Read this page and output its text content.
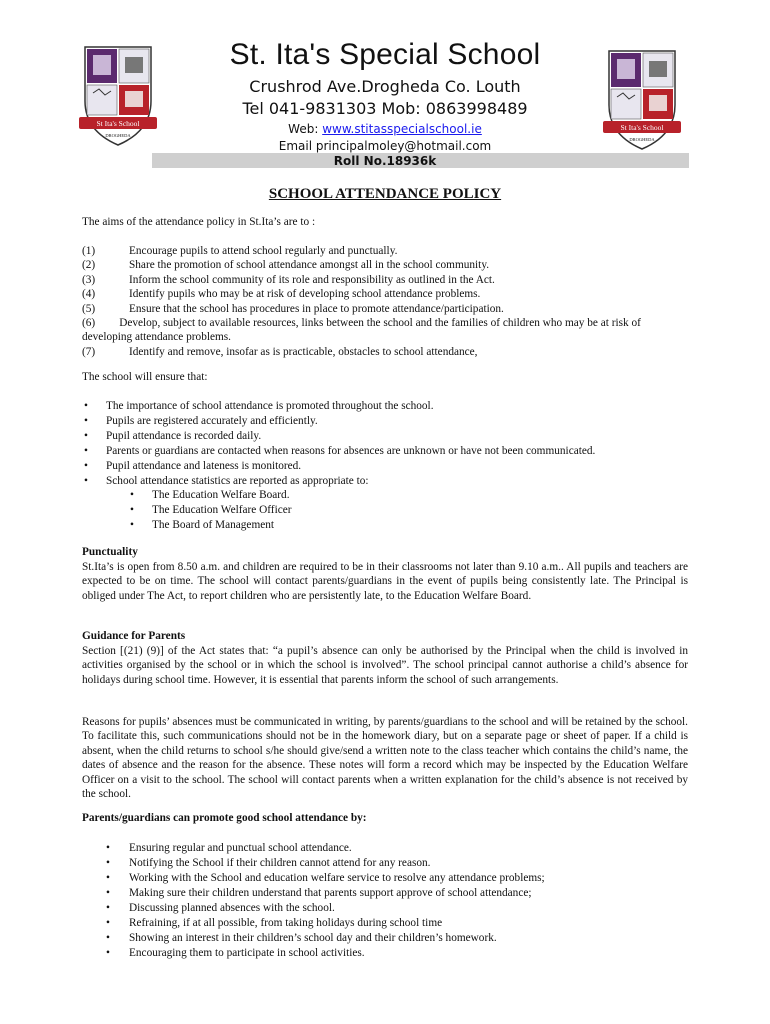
St Ita's School
DROGHEDA
St Ita's School
DROGHEDA
St. Ita's Special School
Crushrod Ave.Drogheda Co. Louth
Tel 041-9831303 Mob: 0863998489
Web: www.stitasspecialschool.ie
Email principalmoley@hotmail.com
Roll No.18936k
SCHOOL ATTENDANCE POLICY
The aims of the attendance policy in St.Ita’s are to :
(1)	Encourage pupils to attend school regularly and punctually.
(2)	Share the promotion of school attendance amongst all in the school community.
(3)	Inform the school community of its role and responsibility as outlined in the Act.
(4)	Identify pupils who may be at risk of developing school attendance problems.
(5)	Ensure that the school has procedures in place to promote attendance/participation.
(6) Develop, subject to available resources, links between the school and the families of children who may be at risk of developing attendance problems.
(7)	Identify and remove, insofar as is practicable, obstacles to school attendance,
The school will ensure that:
• The importance of school attendance is promoted throughout the school.
• Pupils are registered accurately and efficiently.
• Pupil attendance is recorded daily.
• Parents or guardians are contacted when reasons for absences are unknown or have not been communicated.
• Pupil attendance and lateness is monitored.
• School attendance statistics are reported as appropriate to:
• The Education Welfare Board.
• The Education Welfare Officer
• The Board of Management
Punctuality
St.Ita’s is open from 8.50 a.m. and children are required to be in their classrooms not later than 9.10 a.m.. All pupils and teachers are expected to be on time. The school will contact parents/guardians in the event of pupils being consistently late. The Principal is obliged under The Act, to report children who are persistently late, to the Education Welfare Board.
Guidance for Parents
Section [(21) (9)] of the Act states that: “a pupil’s absence can only be authorised by the Principal when the child is involved in activities organised by the school or in which the school is involved”. The school principal cannot authorise a child’s absence for holidays during school time. However, it is essential that parents inform the school of such arrangements.
Reasons for pupils’ absences must be communicated in writing, by parents/guardians to the school and will be retained by the school. To facilitate this, such communications should not be in the homework diary, but on a separate page or sheet of paper. If a child is absent, when the child returns to school s/he should give/send a written note to the class teacher which contains the child’s name, the dates of absence and the reason for the absence. These notes will form a record which may be inspected by the Education Welfare Officer on a visit to the school. The school will contact parents when a written explanation for the child’s absence is not received by the school.
Parents/guardians can promote good school attendance by:
• Ensuring regular and punctual school attendance.
• Notifying the School if their children cannot attend for any reason.
• Working with the School and education welfare service to resolve any attendance problems;
• Making sure their children understand that parents support approve of school attendance;
• Discussing planned absences with the school.
• Refraining, if at all possible, from taking holidays during school time
• Showing an interest in their children’s school day and their children’s homework.
• Encouraging them to participate in school activities.
